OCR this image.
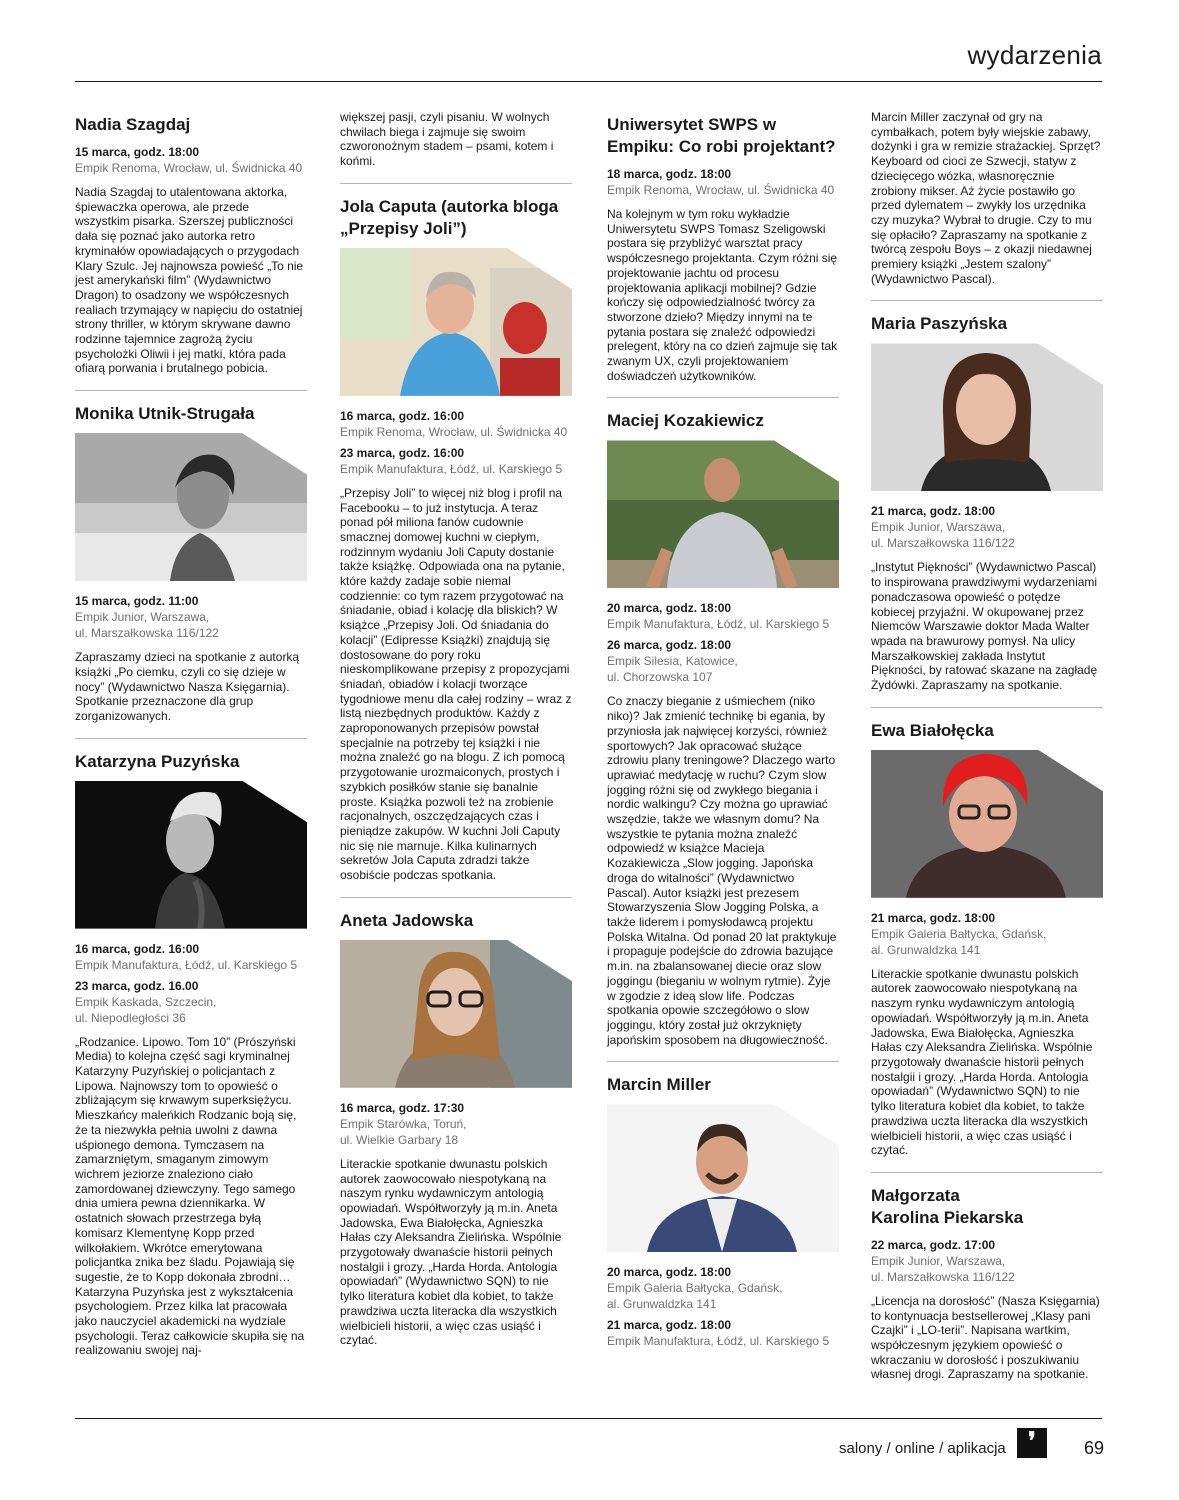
wydarzenia
Nadia Szagdaj
15 marca, godz. 18:00
Empik Renoma, Wrocław, ul. Świdnicka 40

Nadia Szagdaj to utalentowana aktorka, śpiewaczka operowa, ale przede wszystkim pisarka. Szerszej publiczności dała się poznać jako autorka retro kryminałów opowiadających o przygodach Klary Szulc. Jej najnowsza powieść „To nie jest amerykański film” (Wydawnictwo Dragon) to osadzony we współczesnych realiach trzymający w napięciu do ostatniej strony thriller, w którym skrywane dawno rodzinne tajemnice zagrożą życiu psycholożki Oliwii i jej matki, która pada ofiarą porwania i brutalnego pobicia.

Monika Utnik-Strugała
15 marca, godz. 11:00
Empik Junior, Warszawa,
ul. Marszałkowska 116/122

Zapraszamy dzieci na spotkanie z autorką książki „Po ciemku, czyli co się dzieje w nocy” (Wydawnictwo Nasza Księgarnia). Spotkanie przeznaczone dla grup zorganizowanych.

Katarzyna Puzyńska
16 marca, godz. 16:00
Empik Manufaktura, Łódź, ul. Karskiego 5
23 marca, godz. 16.00
Empik Kaskada, Szczecin,
ul. Niepodległości 36

„Rodzanice. Lipowo. Tom 10” (Prószyński Media) to kolejna część sagi kryminalnej Katarzyny Puzyńskiej o policjantach z Lipowa. Najnowszy tom to opowieść o zbliżającym się krwawym superksiężycu. Mieszkańcy maleńkich Rodzanic boją się, że ta niezwykła pełnia uwolni z dawna uśpionego demona. Tymczasem na zamarzniętym, smaganym zimowym wichrem jeziorze znaleziono ciało zamordowanej dziewczyny. Tego samego dnia umiera pewna dziennikarka. W ostatnich słowach przestrzega byłą komisarz Klementynę Kopp przed wilkołakiem. Wkrótce emerytowana policjantka znika bez śladu. Pojawiają się sugestie, że to Kopp dokonała zbrodni… Katarzyna Puzyńska jest z wykształcenia psychologiem. Przez kilka lat pracowała jako nauczyciel akademicki na wydziale psychologii. Teraz całkowicie skupiła się na realizowaniu swojej naj-

większej pasji, czyli pisaniu. W wolnych chwilach biega i zajmuje się swoim czworonożnym stadem – psami, kotem i końmi.

Jola Caputa (autorka bloga „Przepisy Joli”)
16 marca, godz. 16:00
Empik Renoma, Wrocław, ul. Świdnicka 40
23 marca, godz. 16:00
Empik Manufaktura, Łódź, ul. Karskiego 5

„Przepisy Joli” to więcej niż blog i profil na Facebooku – to już instytucja. A teraz ponad pół miliona fanów cudownie smacznej domowej kuchni w ciepłym, rodzinnym wydaniu Joli Caputy dostanie także książkę. Odpowiada ona na pytanie, które każdy zadaje sobie niemal codziennie: co tym razem przygotować na śniadanie, obiad i kolację dla bliskich? W książce „Przepisy Joli. Od śniadania do kolacji” (Edipresse Książki) znajdują się dostosowane do pory roku nieskomplikowane przepisy z propozycjami śniadań, obiadów i kolacji tworzące tygodniowe menu dla całej rodziny – wraz z listą niezbędnych produktów. Każdy z zaproponowanych przepisów powstał specjalnie na potrzeby tej książki i nie można znaleźć go na blogu. Z ich pomocą przygotowanie urozmaiconych, prostych i szybkich posiłków stanie się banalnie proste. Książka pozwoli też na zrobienie racjonalnych, oszczędzających czas i pieniądze zakupów. W kuchni Joli Caputy nic się nie marnuje. Kilka kulinarnych sekretów Jola Caputa zdradzi także osobiście podczas spotkania.

Aneta Jadowska
16 marca, godz. 17:30
Empik Starówka, Toruń,
ul. Wielkie Garbary 18

Literackie spotkanie dwunastu polskich autorek zaowocowało niespotykaną na naszym rynku wydawniczym antologią opowiadań. Współtworzyły ją m.in. Aneta Jadowska, Ewa Białołęcka, Agnieszka Hałas czy Aleksandra Zielińska. Wspólnie przygotowały dwanaście historii pełnych nostalgii i grozy. „Harda Horda. Antologia opowiadań” (Wydawnictwo SQN) to nie tylko literatura kobiet dla kobiet, to także prawdziwa uczta literacka dla wszystkich wielbicieli historii, a więc czas usiąść i czytać.

Uniwersytet SWPS w Empiku: Co robi projektant?
18 marca, godz. 18:00
Empik Renoma, Wrocław, ul. Świdnicka 40

Na kolejnym w tym roku wykładzie Uniwersytetu SWPS Tomasz Szeligowski postara się przybliżyć warsztat pracy współczesnego projektanta. Czym różni się projektowanie jachtu od procesu projektowania aplikacji mobilnej? Gdzie kończy się odpowiedzialność twórcy za stworzone dzieło? Między innymi na te pytania postara się znaleźć odpowiedzi prelegent, który na co dzień zajmuje się tak zwanym UX, czyli projektowaniem doświadczeń użytkowników.

Maciej Kozakiewicz
20 marca, godz. 18:00
Empik Manufaktura, Łódź, ul. Karskiego 5
26 marca, godz. 18:00
Empik Silesia, Katowice,
ul. Chorzowska 107

Co znaczy bieganie z uśmiechem (niko niko)? Jak zmienić technikę bi egania, by przyniosła jak najwięcej korzyści, również sportowych? Jak opracować służące zdrowiu plany treningowe? Dlaczego warto uprawiać medytację w ruchu? Czym slow jogging różni się od zwykłego biegania i nordic walkingu? Czy można go uprawiać wszędzie, także we własnym domu? Na wszystkie te pytania można znaleźć odpowiedź w książce Macieja Kozakiewicza „Slow jogging. Japońska droga do witalności” (Wydawnictwo Pascal). Autor książki jest prezesem Stowarzyszenia Slow Jogging Polska, a także liderem i pomysłodawcą projektu Polska Witalna. Od ponad 20 lat praktykuje i propaguje podejście do zdrowia bazujące m.in. na zbalansowanej diecie oraz slow joggingu (bieganiu w wolnym rytmie). Żyje w zgodzie z ideą slow life. Podczas spotkania opowie szczegółowo o slow joggingu, który został już okrzyknięty japońskim sposobem na długowieczność.

Marcin Miller
20 marca, godz. 18:00
Empik Galeria Bałtycka, Gdańsk,
al. Grunwaldzka 141
21 marca, godz. 18:00
Empik Manufaktura, Łódź, ul. Karskiego 5

Marcin Miller zaczynał od gry na cymbałkach, potem były wiejskie zabawy, dożynki i gra w remizie strażackiej. Sprzęt? Keyboard od cioci ze Szwecji, statyw z dziecięcego wózka, własnoręcznie zrobiony mikser. Aż życie postawiło go przed dylematem – zwykły los urzędnika czy muzyka? Wybrał to drugie. Czy to mu się opłaciło? Zapraszamy na spotkanie z twórcą zespołu Boys – z okazji niedawnej premiery książki „Jestem szalony” (Wydawnictwo Pascal).

Maria Paszyńska
21 marca, godz. 18:00
Empik Junior, Warszawa,
ul. Marszałkowska 116/122

„Instytut Piękności” (Wydawnictwo Pascal) to inspirowana prawdziwymi wydarzeniami ponadczasowa opowieść o potędze kobiecej przyjaźni. W okupowanej przez Niemców Warszawie doktor Mada Walter wpada na brawurowy pomysł. Na ulicy Marszałkowskiej zakłada Instytut Piękności, by ratować skazane na zagładę Żydówki. Zapraszamy na spotkanie.

Ewa Białołęcka
21 marca, godz. 18:00
Empik Galeria Bałtycka, Gdańsk,
al. Grunwaldzka 141

Literackie spotkanie dwunastu polskich autorek zaowocowało niespotykaną na naszym rynku wydawniczym antologią opowiadań. Współtworzyły ją m.in. Aneta Jadowska, Ewa Białołęcka, Agnieszka Hałas czy Aleksandra Zielińska. Wspólnie przygotowały dwanaście historii pełnych nostalgii i grozy. „Harda Horda. Antologia opowiadań” (Wydawnictwo SQN) to nie tylko literatura kobiet dla kobiet, to także prawdziwa uczta literacka dla wszystkich wielbicieli historii, a więc czas usiąść i czytać.

Małgorzata
Karolina Piekarska
22 marca, godz. 17:00
Empik Junior, Warszawa,
ul. Marszałkowska 116/122

„Licencja na dorosłość” (Nasza Księgarnia) to kontynuacja bestsellerowej „Klasy pani Czajki” i „LO-terii”. Napisana wartkim, współczesnym językiem opowieść o wkraczaniu w dorosłość i poszukiwaniu własnej drogi. Zapraszamy na spotkanie.

salony / online / aplikacja ❜	69
